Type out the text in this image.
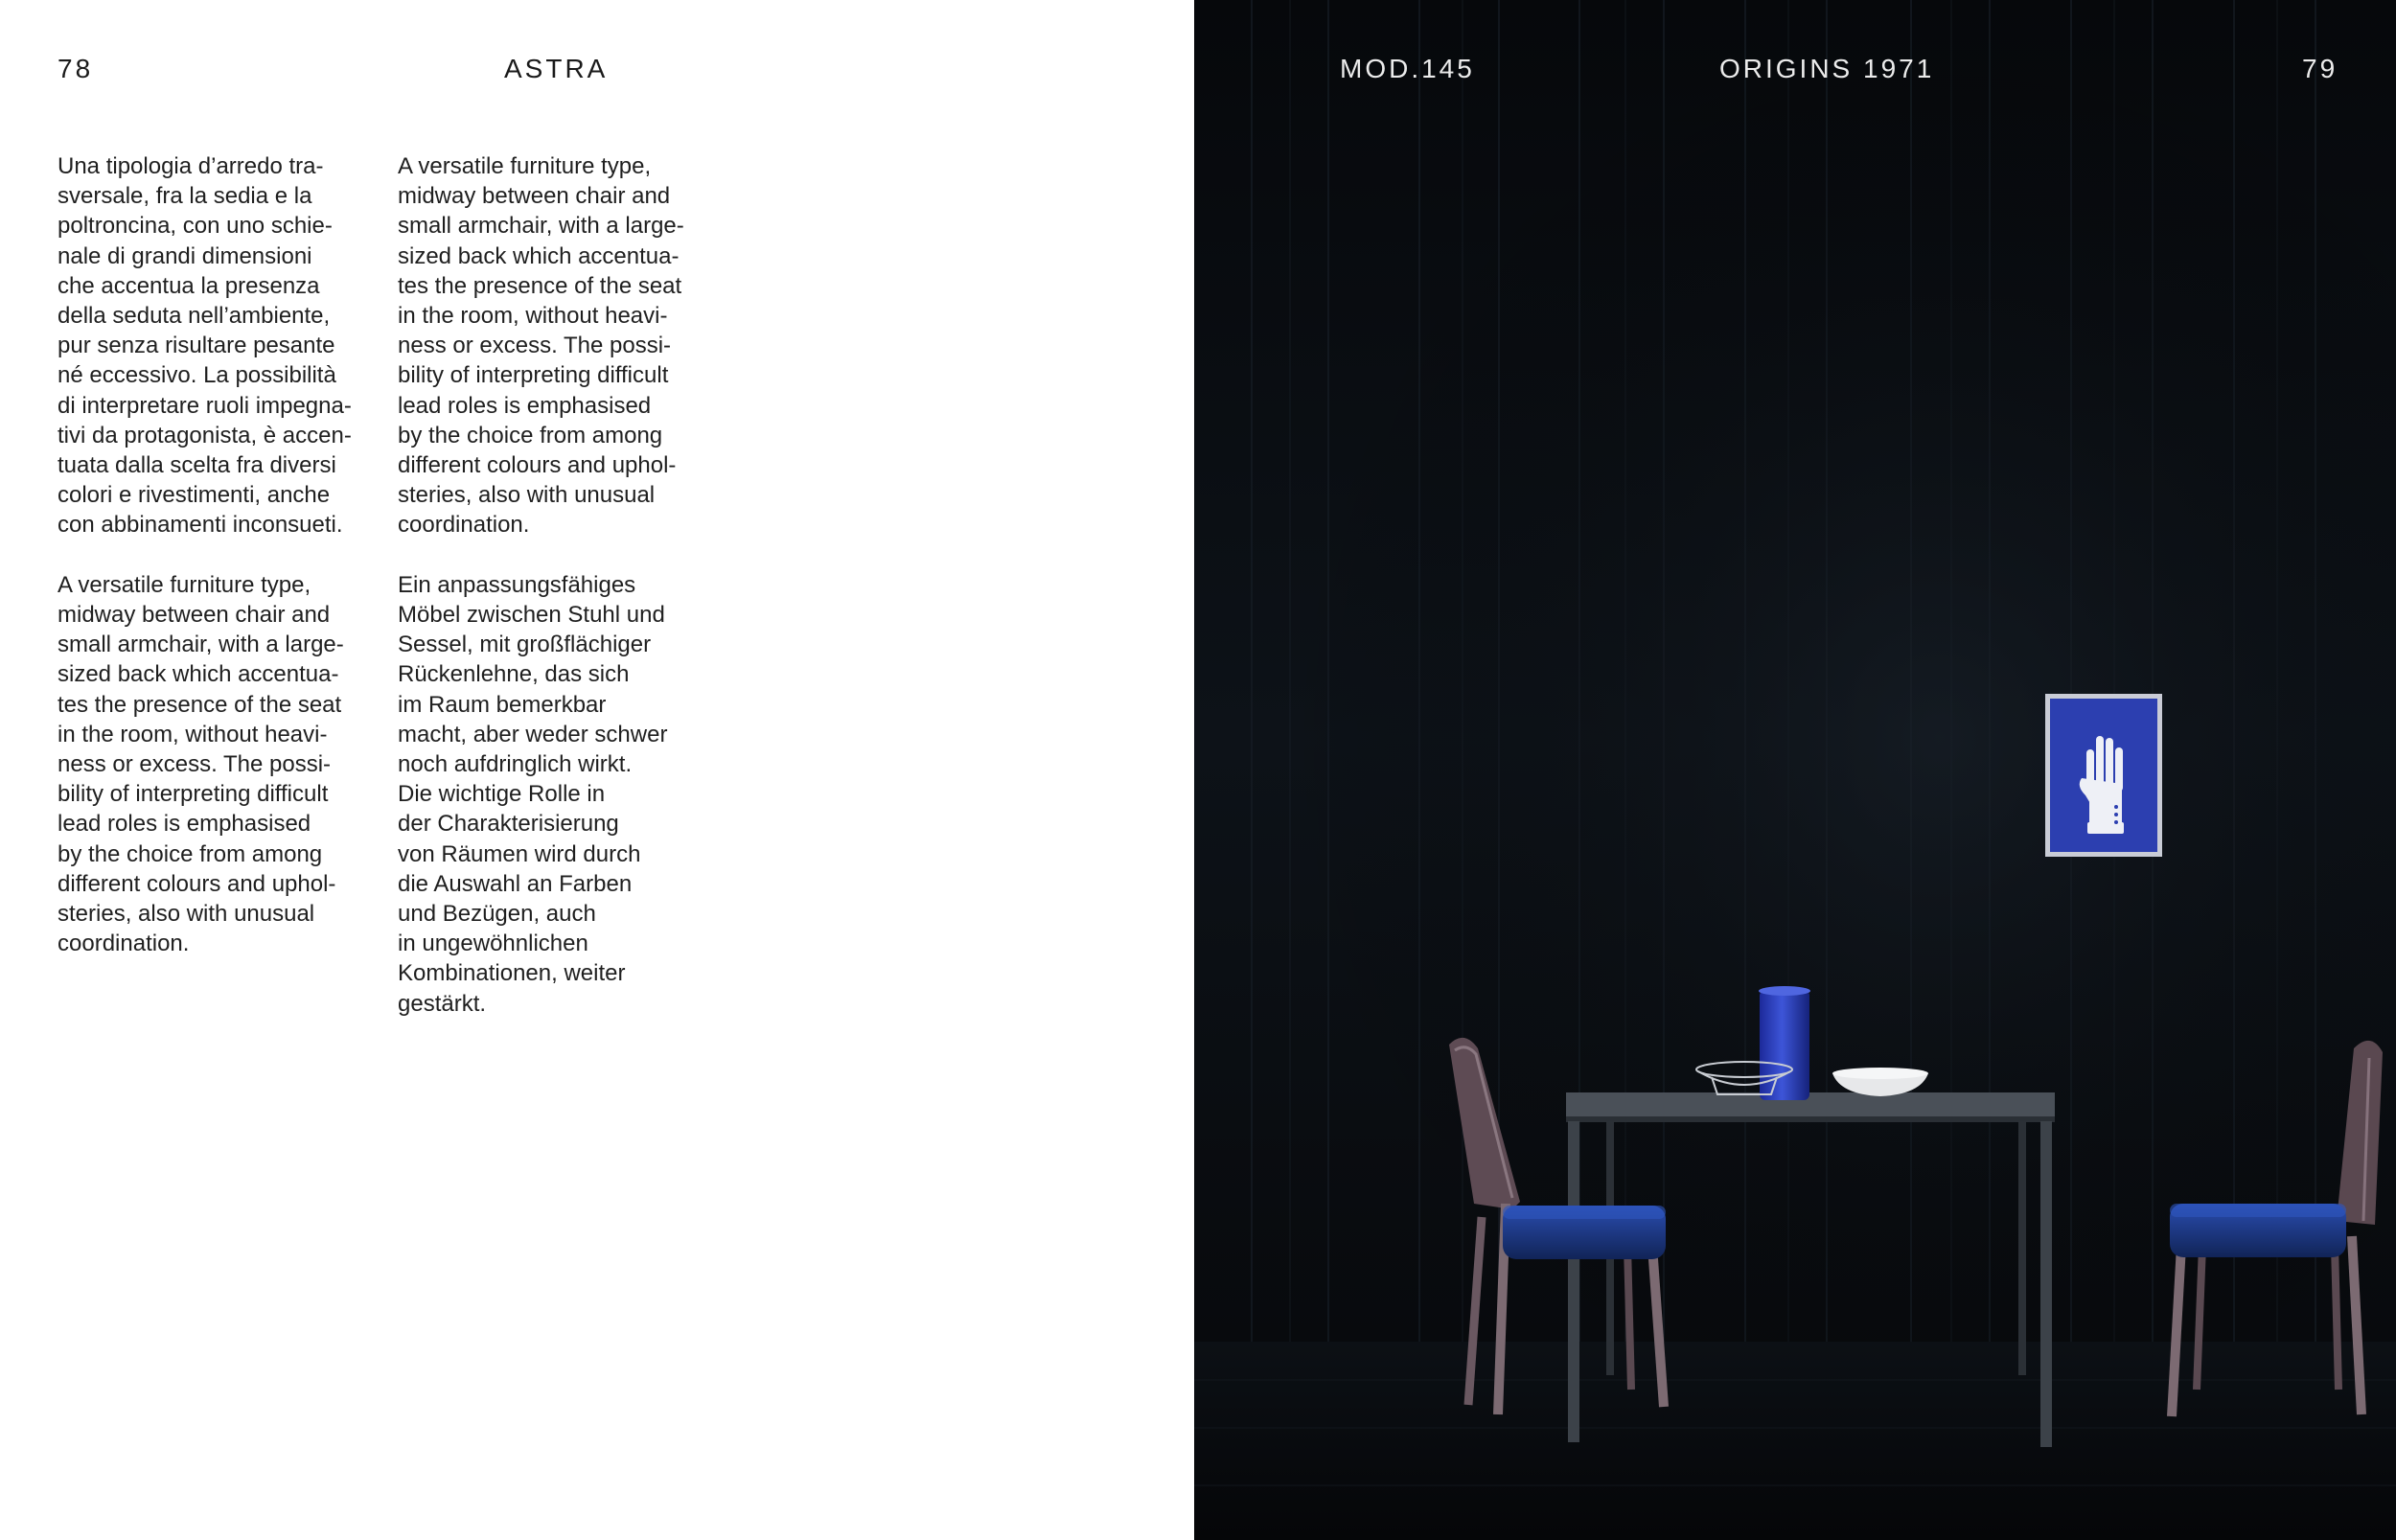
78	ASTRA

Una tipologia d’arredo tra-
sversale, fra la sedia e la
poltroncina, con uno schie-
nale di grandi dimensioni
che accentua la presenza
della seduta nell’ambiente,
pur senza risultare pesante
né eccessivo. La possibilità
di interpretare ruoli impegna-
tivi da protagonista, è accen-
tuata dalla scelta fra diversi
colori e rivestimenti, anche
con abbinamenti inconsueti.

A versatile furniture type,
midway between chair and
small armchair, with a large-
sized back which accentua-
tes the presence of the seat
in the room, without heavi-
ness or excess. The possi-
bility of interpreting difficult
lead roles is emphasised
by the choice from among
different colours and uphol-
steries, also with unusual
coordination.

A versatile furniture type,
midway between chair and
small armchair, with a large-
sized back which accentua-
tes the presence of the seat
in the room, without heavi-
ness or excess. The possi-
bility of interpreting difficult
lead roles is emphasised
by the choice from among
different colours and uphol-
steries, also with unusual
coordination.

Ein anpassungsfähiges
Möbel zwischen Stuhl und
Sessel, mit großflächiger
Rückenlehne, das sich
im Raum bemerkbar
macht, aber weder schwer
noch aufdringlich wirkt.
Die wichtige Rolle in
der Charakterisierung
von Räumen wird durch
die Auswahl an Farben
und Bezügen, auch
in ungewöhnlichen
Kombinationen, weiter
gestärkt.

MOD.145	ORIGINS 1971	79
